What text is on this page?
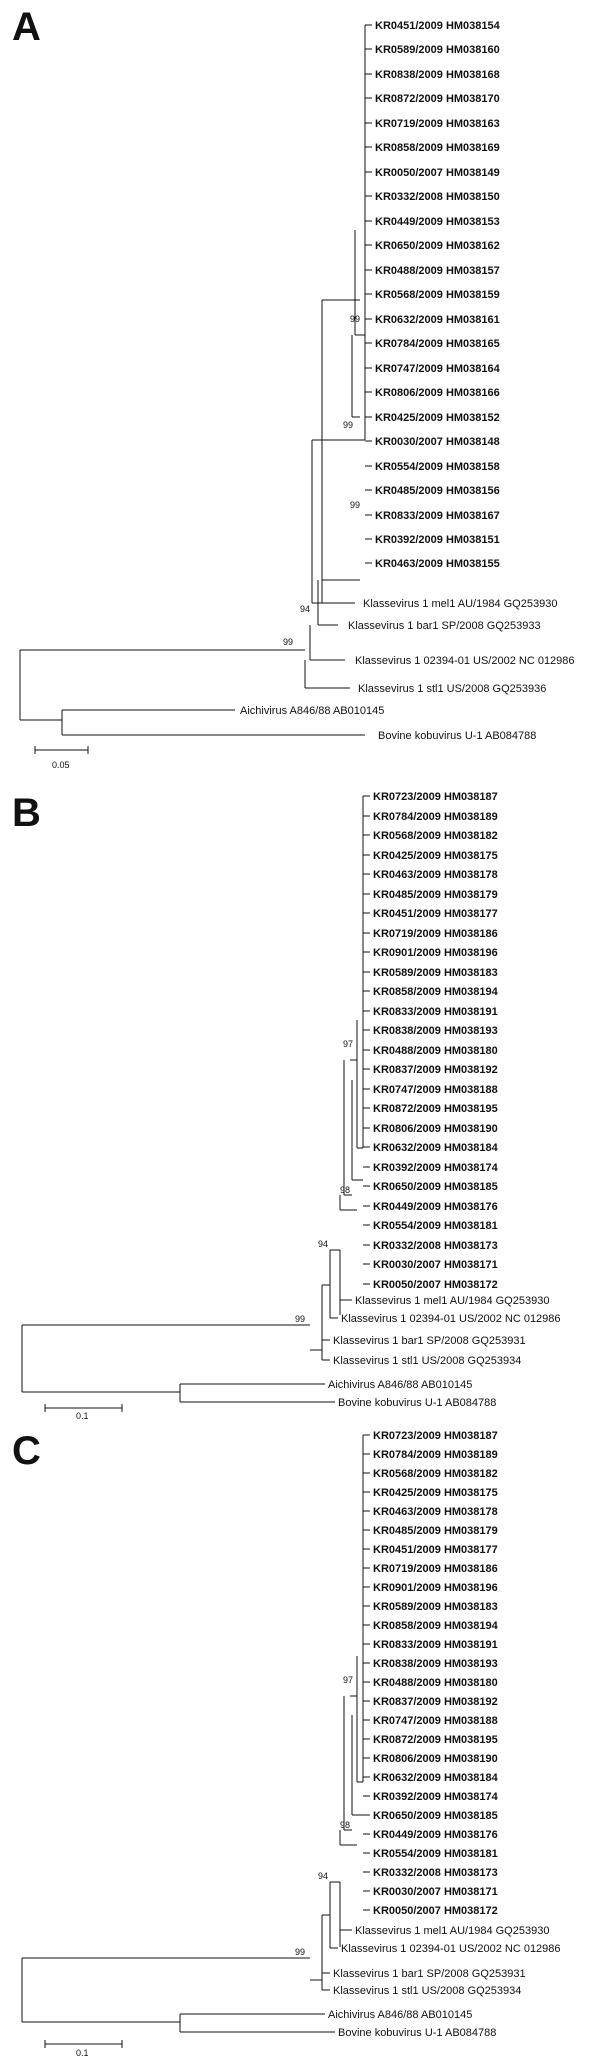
A	KR0451/2009 HM038154
KR0589/2009 HM038160
KR0838/2009 HM038168
KR0872/2009 HM038170
KR0719/2009 HM038163
KR0858/2009 HM038169
KR0050/2007 HM038149
KR0332/2008 HM038150
KR0449/2009 HM038153
KR0650/2009 HM038162
KR0488/2009 HM038157
KR0568/2009 HM038159
KR0632/2009 HM038161
KR0784/2009 HM038165
KR0747/2009 HM038164
KR0806/2009 HM038166
KR0425/2009 HM038152
KR0030/2007 HM038148
KR0554/2009 HM038158
KR0485/2009 HM038156
KR0833/2009 HM038167
KR0392/2009 HM038151
KR0463/2009 HM038155
Klassevirus 1 mel1 AU/1984 GQ253930
Klassevirus 1 bar1 SP/2008 GQ253933
Klassevirus 1 02394-01 US/2002 NC 012986
Klassevirus 1 stl1 US/2008 GQ253936
Aichivirus A846/88 AB010145
Bovine kobuvirus U-1 AB084788
99
99
99
94
99
0.05
B	KR0723/2009 HM038187
KR0784/2009 HM038189
KR0568/2009 HM038182
KR0425/2009 HM038175
KR0463/2009 HM038178
KR0485/2009 HM038179
KR0451/2009 HM038177
KR0719/2009 HM038186
KR0901/2009 HM038196
KR0589/2009 HM038183
KR0858/2009 HM038194
KR0833/2009 HM038191
KR0838/2009 HM038193
KR0488/2009 HM038180
KR0837/2009 HM038192
KR0747/2009 HM038188
KR0872/2009 HM038195
KR0806/2009 HM038190
KR0632/2009 HM038184
KR0392/2009 HM038174
KR0650/2009 HM038185
KR0449/2009 HM038176
KR0554/2009 HM038181
KR0332/2008 HM038173
KR0030/2007 HM038171
KR0050/2007 HM038172
Klassevirus 1 mel1 AU/1984 GQ253930
Klassevirus 1 02394-01 US/2002 NC 012986
Klassevirus 1 bar1 SP/2008 GQ253931
Klassevirus 1 stl1 US/2008 GQ253934
Aichivirus A846/88 AB010145
Bovine kobuvirus U-1 AB084788
97
98
94
99
0.1
C	KR0723/2009 HM038187
KR0784/2009 HM038189
KR0568/2009 HM038182
KR0425/2009 HM038175
KR0463/2009 HM038178
KR0485/2009 HM038179
KR0451/2009 HM038177
KR0719/2009 HM038186
KR0901/2009 HM038196
KR0589/2009 HM038183
KR0858/2009 HM038194
KR0833/2009 HM038191
KR0838/2009 HM038193
KR0488/2009 HM038180
KR0837/2009 HM038192
KR0747/2009 HM038188
KR0872/2009 HM038195
KR0806/2009 HM038190
KR0632/2009 HM038184
KR0392/2009 HM038174
KR0650/2009 HM038185
KR0449/2009 HM038176
KR0554/2009 HM038181
KR0332/2008 HM038173
KR0030/2007 HM038171
KR0050/2007 HM038172
Klassevirus 1 mel1 AU/1984 GQ253930
Klassevirus 1 02394-01 US/2002 NC 012986
Klassevirus 1 bar1 SP/2008 GQ253931
Klassevirus 1 stl1 US/2008 GQ253934
Aichivirus A846/88 AB010145
Bovine kobuvirus U-1 AB084788
97
98
94
99
0.1
